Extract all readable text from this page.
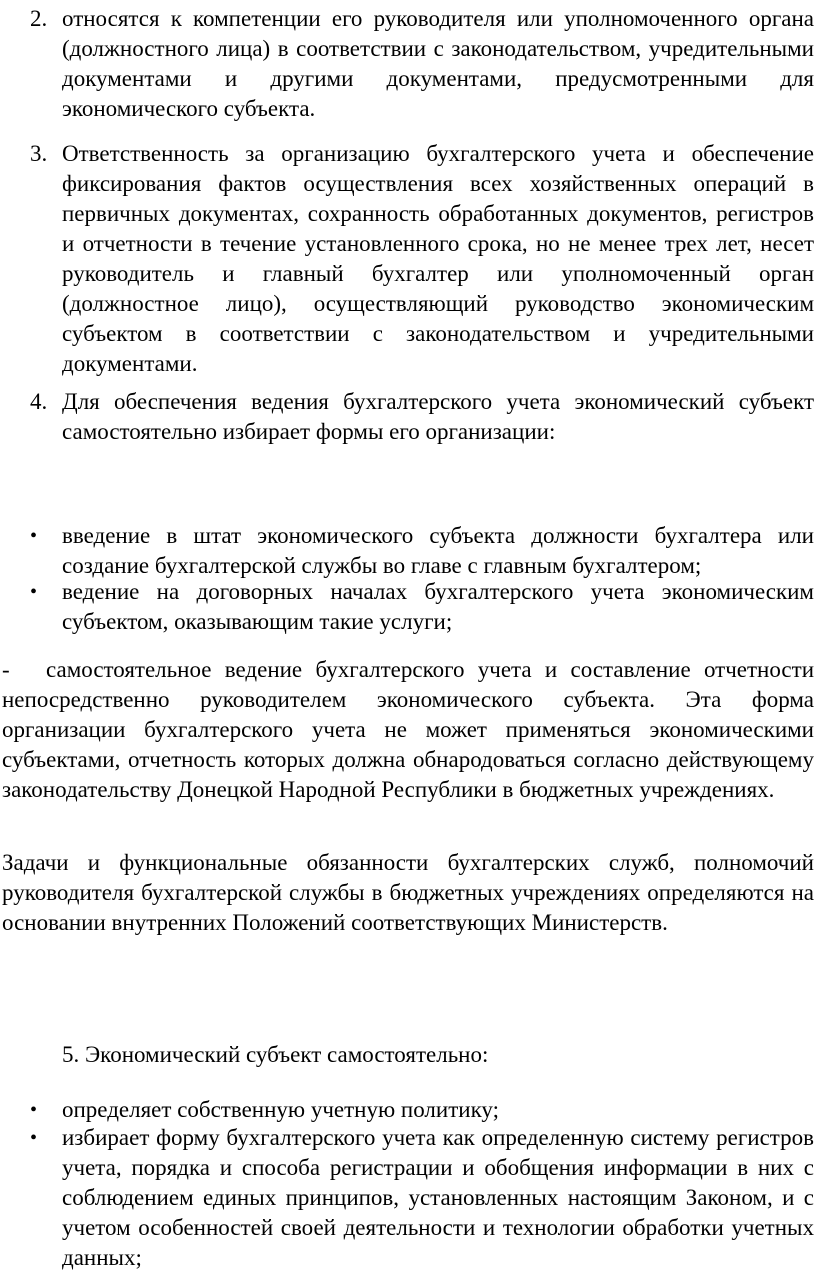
2. относятся к компетенции его руководителя или уполномоченного органа (должностного лица) в соответствии с законодательством, учредительными документами и другими документами, предусмотренными для экономического субъекта.
3. Ответственность за организацию бухгалтерского учета и обеспечение фиксирования фактов осуществления всех хозяйственных операций в первичных документах, сохранность обработанных документов, регистров и отчетности в течение установленного срока, но не менее трех лет, несет руководитель и главный бухгалтер или уполномоченный орган (должностное лицо), осуществляющий руководство экономическим субъектом в соответствии с законодательством и учредительными документами.
4. Для обеспечения ведения бухгалтерского учета экономический субъект самостоятельно избирает формы его организации:
•	введение в штат экономического субъекта должности бухгалтера или создание бухгалтерской службы во главе с главным бухгалтером;
•	ведение на договорных началах бухгалтерского учета экономическим субъектом, оказывающим такие услуги;
- самостоятельное ведение бухгалтерского учета и составление отчетности непосредственно руководителем экономического субъекта. Эта форма организации бухгалтерского учета не может применяться экономическими субъектами, отчетность которых должна обнародоваться согласно действующему законодательству Донецкой Народной Республики в бюджетных учреждениях.
Задачи и функциональные обязанности бухгалтерских служб, полномочий руководителя бухгалтерской службы в бюджетных учреждениях определяются на основании внутренних Положений соответствующих Министерств.
5. Экономический субъект самостоятельно:
•	определяет собственную учетную политику;
•	избирает форму бухгалтерского учета как определенную систему регистров учета, порядка и способа регистрации и обобщения информации в них с соблюдением единых принципов, установленных настоящим Законом, и с учетом особенностей своей деятельности и технологии обработки учетных данных;
